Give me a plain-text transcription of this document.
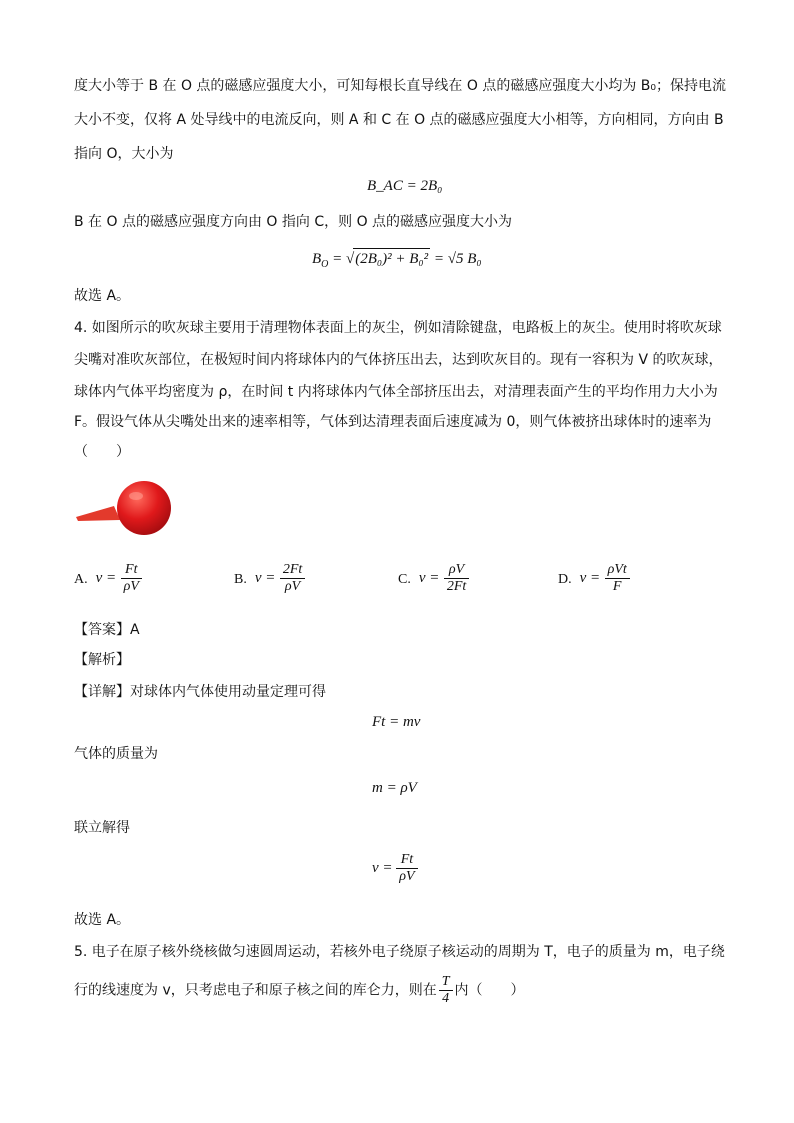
度大小等于 B 在 O 点的磁感应强度大小，可知每根长直导线在 O 点的磁感应强度大小均为 B₀；保持电流
大小不变，仅将 A 处导线中的电流反向，则 A 和 C 在 O 点的磁感应强度大小相等，方向相同，方向由 B
指向 O，大小为
B_AC = 2B₀
B 在 O 点的磁感应强度方向由 O 指向 C，则 O 点的磁感应强度大小为
$B_O = √(2B_0)^2 + B_0^2 = √5$ B₀
故选 A。
4. 如图所示的吹灰球主要用于清理物体表面上的灰尘，例如清除键盘，电路板上的灰尘。使用时将吹灰球
尖嘴对准吹灰部位，在极短时间内将球体内的气体挤压出去，达到吹灰目的。现有一容积为 V 的吹灰球，
球体内气体平均密度为 ρ，在时间 t 内将球体内气体全部挤压出去，对清理表面产生的平均作用力大小为
F。假设气体从尖嘴处出来的速率相等，气体到达清理表面后速度减为 0，则气体被挤出球体时的速率为
（　　）
A. $v = \frac{Ft}{\rho V}$	B. $v = \frac{2Ft}{\rho V}$	C. $v = \frac{\rho V}{2Ft}$	D. $v = \frac{\text{ρVt}}{F}$
【答案】A
【解析】
【详解】对球体内气体使用动量定理可得
Ft = mv
气体的质量为
m = ρV
联立解得
$v = \frac{Ft}{\rho V}$
故选 A。
5. 电子在原子核外绕核做匀速圆周运动，若核外电子绕原子核运动的周期为 T，电子的质量为 m，电子绕
行的线速度为 v，只考虑电子和原子核之间的库仑力，则在 $\frac{T}{4}$ 内（　　）
